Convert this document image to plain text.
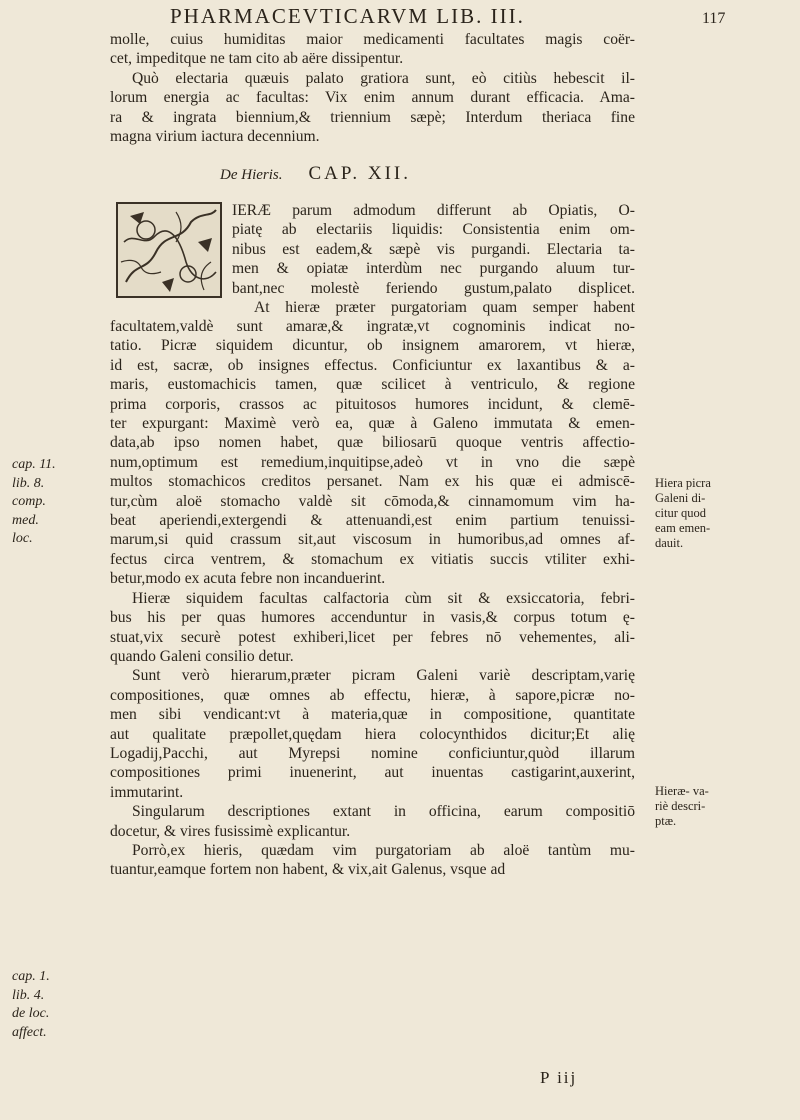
PHARMACEVTICARVM LIB. III.	117
molle, cuius humiditas maior medicamenti facultates magis coër-
cet, impeditque ne tam cito ab aëre dissipentur.
Quò electaria quæuis palato gratiora sunt, eò citiùs hebescit il-
lorum energia ac facultas: Vix enim annum durant efficacia. Ama-
ra & ingrata biennium,& triennium sæpè; Interdum theriaca fine
magna virium iactura decennium.
De Hieris. CAP. XII.
IERÆ parum admodum differunt ab Opiatis, O-
piatę ab electariis liquidis: Consistentia enim om-
nibus est eadem,& sæpè vis purgandi. Electaria ta-
men & opiatæ interdùm nec purgando aluum tur-
bant,nec molestè feriendo gustum,palato displicet.
At hieræ præter purgatoriam quam semper habent
facultatem,valdè sunt amaræ,& ingratæ,vt cognominis indicat no-
tatio. Picræ siquidem dicuntur, ob insignem amarorem, vt hieræ,
id est, sacræ, ob insignes effectus. Conficiuntur ex laxantibus & a-
maris, eustomachicis tamen, quæ scilicet à ventriculo, & regione
prima corporis, crassos ac pituitosos humores incidunt, & clemē-
ter expurgant: Maximè verò ea, quæ à Galeno immutata & emen-
data,ab ipso nomen habet, quæ biliosarū quoque ventris affectio-
num,optimum est remedium,inquitipse,adeò vt in vno die sæpè
multos stomachicos creditos persanet. Nam ex his quæ ei admiscē-
tur,cùm aloë stomacho valdè sit cōmoda,& cinnamomum vim ha-
beat aperiendi,extergendi & attenuandi,est enim partium tenuissi-
marum,si quid crassum sit,aut viscosum in humoribus,ad omnes af-
fectus circa ventrem, & stomachum ex vitiatis succis vtiliter exhi-
betur,modo ex acuta febre non incanduerint.
Hieræ siquidem facultas calfactoria cùm sit & exsiccatoria, febri-
bus his per quas humores accenduntur in vasis,& corpus totum ę-
stuat,vix securè potest exhiberi,licet per febres nō vehementes, ali-
quando Galeni consilio detur.
Sunt verò hierarum,præter picram Galeni variè descriptam,varię
compositiones, quæ omnes ab effectu, hieræ, à sapore,picræ no-
men sibi vendicant:vt à materia,quæ in compositione, quantitate
aut qualitate præpollet,quędam hiera colocynthidos dicitur;Et alię
Logadij,Pacchi, aut Myrepsi nomine conficiuntur,quòd illarum
compositiones primi inuenerint, aut inuentas castigarint,auxerint,
immutarint.
Singularum descriptiones extant in officina, earum compositiō
docetur, & vires fusissimè explicantur.
Porrò,ex hieris, quædam vim purgatoriam ab aloë tantùm mu-
tuantur,eamque fortem non habent, & vix,ait Galenus, vsque ad
cap. 11.
lib. 8.
comp.
med.
loc.
cap. 1.
lib. 4.
de loc.
affect.
Hiera picra
Galeni di-
citur quod
eam emen-
dauit.
Hieræ- va-
riè descri-
ptæ.
P iij
